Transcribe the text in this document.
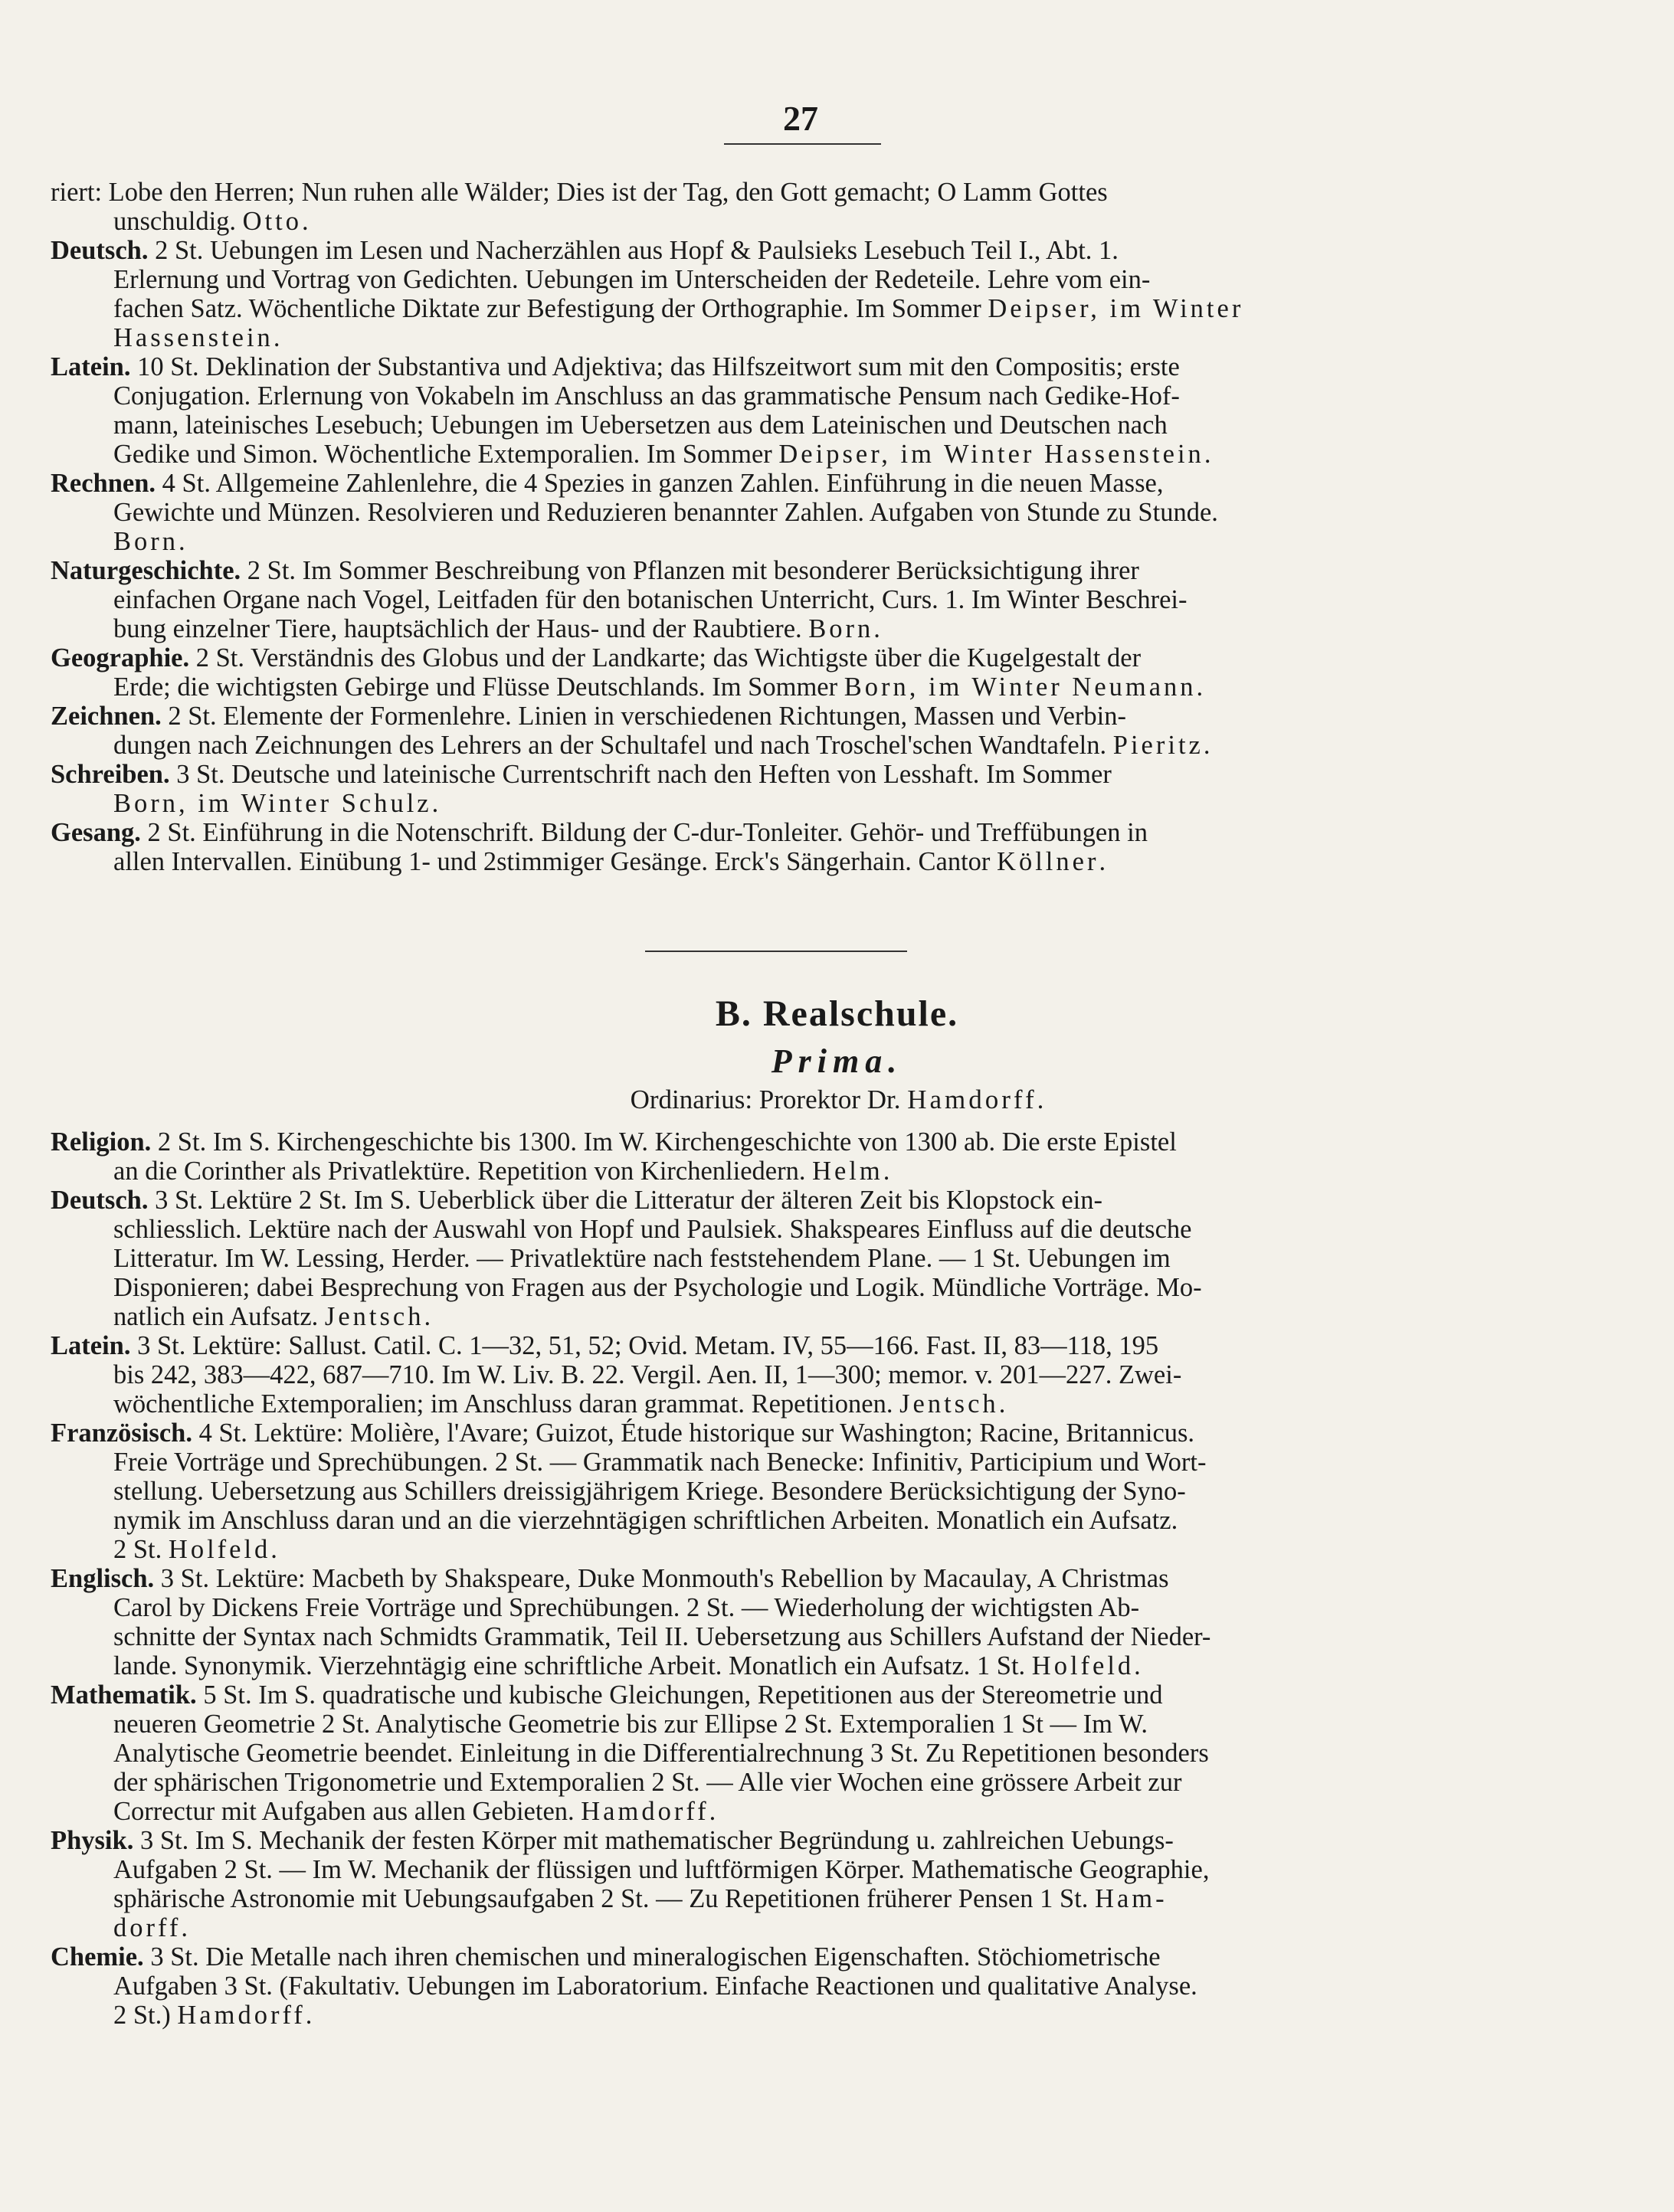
27

riert: Lobe den Herren; Nun ruhen alle Wälder; Dies ist der Tag, den Gott gemacht; O Lamm Gottes
unschuldig. Otto.

Deutsch. 2 St. Uebungen im Lesen und Nacherzählen aus Hopf & Paulsieks Lesebuch Teil I., Abt. 1.
Erlernung und Vortrag von Gedichten. Uebungen im Unterscheiden der Redeteile. Lehre vom ein-
fachen Satz. Wöchentliche Diktate zur Befestigung der Orthographie. Im Sommer Deipser, im Winter
Hassenstein.

Latein. 10 St. Deklination der Substantiva und Adjektiva; das Hilfszeitwort sum mit den Compositis; erste
Conjugation. Erlernung von Vokabeln im Anschluss an das grammatische Pensum nach Gedike-Hof-
mann, lateinisches Lesebuch; Uebungen im Uebersetzen aus dem Lateinischen und Deutschen nach
Gedike und Simon. Wöchentliche Extemporalien. Im Sommer Deipser, im Winter Hassenstein.

Rechnen. 4 St. Allgemeine Zahlenlehre, die 4 Spezies in ganzen Zahlen. Einführung in die neuen Masse,
Gewichte und Münzen. Resolvieren und Reduzieren benannter Zahlen. Aufgaben von Stunde zu Stunde.
Born.

Naturgeschichte. 2 St. Im Sommer Beschreibung von Pflanzen mit besonderer Berücksichtigung ihrer
einfachen Organe nach Vogel, Leitfaden für den botanischen Unterricht, Curs. 1. Im Winter Beschrei-
bung einzelner Tiere, hauptsächlich der Haus- und der Raubtiere. Born.

Geographie. 2 St. Verständnis des Globus und der Landkarte; das Wichtigste über die Kugelgestalt der
Erde; die wichtigsten Gebirge und Flüsse Deutschlands. Im Sommer Born, im Winter Neumann.

Zeichnen. 2 St. Elemente der Formenlehre. Linien in verschiedenen Richtungen, Massen und Verbin-
dungen nach Zeichnungen des Lehrers an der Schultafel und nach Troschel'schen Wandtafeln. Pieritz.

Schreiben. 3 St. Deutsche und lateinische Currentschrift nach den Heften von Lesshaft. Im Sommer
Born, im Winter Schulz.

Gesang. 2 St. Einführung in die Notenschrift. Bildung der C-dur-Tonleiter. Gehör- und Treffübungen in
allen Intervallen. Einübung 1- und 2stimmiger Gesänge. Erck's Sängerhain. Cantor Köllner.

B. Realschule.
Prima.
Ordinarius: Prorektor Dr. Hamdorff.

Religion. 2 St. Im S. Kirchengeschichte bis 1300. Im W. Kirchengeschichte von 1300 ab. Die erste Epistel
an die Corinther als Privatlektüre. Repetition von Kirchenliedern. Helm.

Deutsch. 3 St. Lektüre 2 St. Im S. Ueberblick über die Litteratur der älteren Zeit bis Klopstock ein-
schliesslich. Lektüre nach der Auswahl von Hopf und Paulsiek. Shakspeares Einfluss auf die deutsche
Litteratur. Im W. Lessing, Herder. — Privatlektüre nach feststehendem Plane. — 1 St. Uebungen im
Disponieren; dabei Besprechung von Fragen aus der Psychologie und Logik. Mündliche Vorträge. Mo-
natlich ein Aufsatz. Jentsch.

Latein. 3 St. Lektüre: Sallust. Catil. C. 1—32, 51, 52; Ovid. Metam. IV, 55—166. Fast. II, 83—118, 195
bis 242, 383—422, 687—710. Im W. Liv. B. 22. Vergil. Aen. II, 1—300; memor. v. 201—227. Zwei-
wöchentliche Extemporalien; im Anschluss daran grammat. Repetitionen. Jentsch.

Französisch. 4 St. Lektüre: Molière, l'Avare; Guizot, Étude historique sur Washington; Racine, Britannicus.
Freie Vorträge und Sprechübungen. 2 St. — Grammatik nach Benecke: Infinitiv, Participium und Wort-
stellung. Uebersetzung aus Schillers dreissigjährigem Kriege. Besondere Berücksichtigung der Syno-
nymik im Anschluss daran und an die vierzehntägigen schriftlichen Arbeiten. Monatlich ein Aufsatz.
2 St. Holfeld.

Englisch. 3 St. Lektüre: Macbeth by Shakspeare, Duke Monmouth's Rebellion by Macaulay, A Christmas
Carol by Dickens Freie Vorträge und Sprechübungen. 2 St. — Wiederholung der wichtigsten Ab-
schnitte der Syntax nach Schmidts Grammatik, Teil II. Uebersetzung aus Schillers Aufstand der Nieder-
lande. Synonymik. Vierzehntägig eine schriftliche Arbeit. Monatlich ein Aufsatz. 1 St. Holfeld.

Mathematik. 5 St. Im S. quadratische und kubische Gleichungen, Repetitionen aus der Stereometrie und
neueren Geometrie 2 St. Analytische Geometrie bis zur Ellipse 2 St. Extemporalien 1 St — Im W.
Analytische Geometrie beendet. Einleitung in die Differentialrechnung 3 St. Zu Repetitionen besonders
der sphärischen Trigonometrie und Extemporalien 2 St. — Alle vier Wochen eine grössere Arbeit zur
Correctur mit Aufgaben aus allen Gebieten. Hamdorff.

Physik. 3 St. Im S. Mechanik der festen Körper mit mathematischer Begründung u. zahlreichen Uebungs-
Aufgaben 2 St. — Im W. Mechanik der flüssigen und luftförmigen Körper. Mathematische Geographie,
sphärische Astronomie mit Uebungsaufgaben 2 St. — Zu Repetitionen früherer Pensen 1 St. Ham-
dorff.

Chemie. 3 St. Die Metalle nach ihren chemischen und mineralogischen Eigenschaften. Stöchiometrische
Aufgaben 3 St. (Fakultativ. Uebungen im Laboratorium. Einfache Reactionen und qualitative Analyse.
2 St.) Hamdorff.
